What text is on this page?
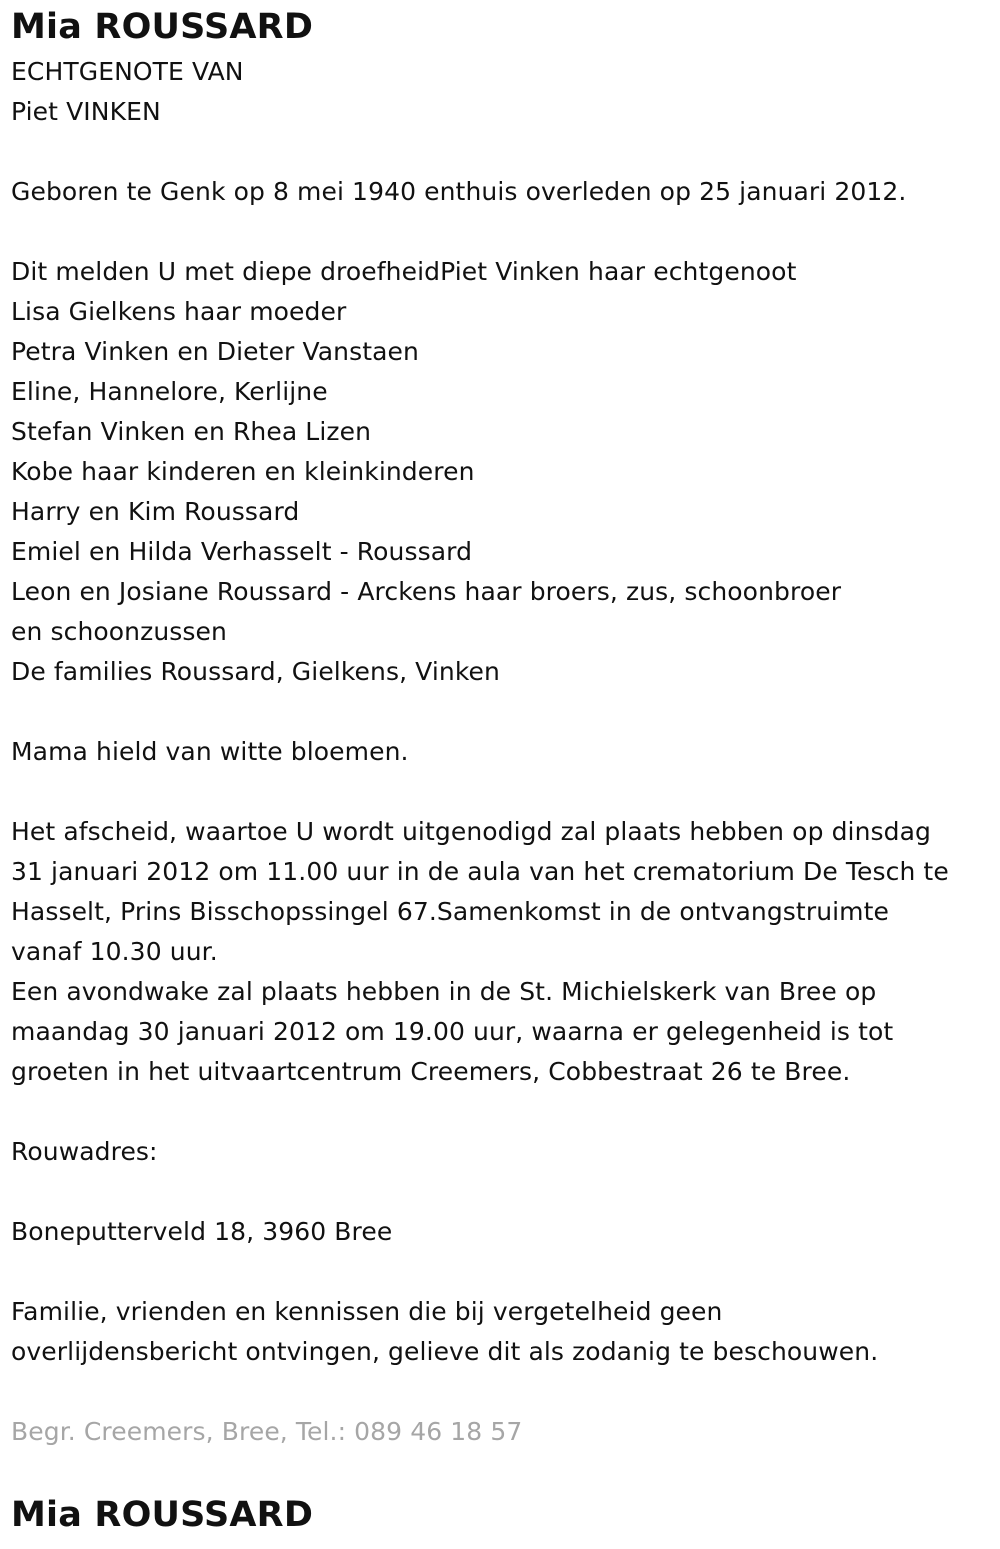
Mia ROUSSARD
ECHTGENOTE VAN
Piet VINKEN
Geboren te Genk op 8 mei 1940 enthuis overleden op 25 januari 2012.
Dit melden U met diepe droefheidPiet Vinken haar echtgenoot
Lisa Gielkens haar moeder
Petra Vinken en Dieter Vanstaen
Eline, Hannelore, Kerlijne
Stefan Vinken en Rhea Lizen
Kobe haar kinderen en kleinkinderen
Harry en Kim Roussard
Emiel en Hilda Verhasselt - Roussard
Leon en Josiane Roussard - Arckens haar broers, zus, schoonbroer
en schoonzussen
De families Roussard, Gielkens, Vinken
Mama hield van witte bloemen.
Het afscheid, waartoe U wordt uitgenodigd zal plaats hebben op dinsdag
31 januari 2012 om 11.00 uur in de aula van het crematorium De Tesch te
Hasselt, Prins Bisschopssingel 67.Samenkomst in de ontvangstruimte
vanaf 10.30 uur.
Een avondwake zal plaats hebben in de St. Michielskerk van Bree op
maandag 30 januari 2012 om 19.00 uur, waarna er gelegenheid is tot
groeten in het uitvaartcentrum Creemers, Cobbestraat 26 te Bree.
Rouwadres:
Boneputterveld 18, 3960 Bree
Familie, vrienden en kennissen die bij vergetelheid geen
overlijdensbericht ontvingen, gelieve dit als zodanig te beschouwen.
Begr. Creemers, Bree, Tel.: 089 46 18 57
Mia ROUSSARD
